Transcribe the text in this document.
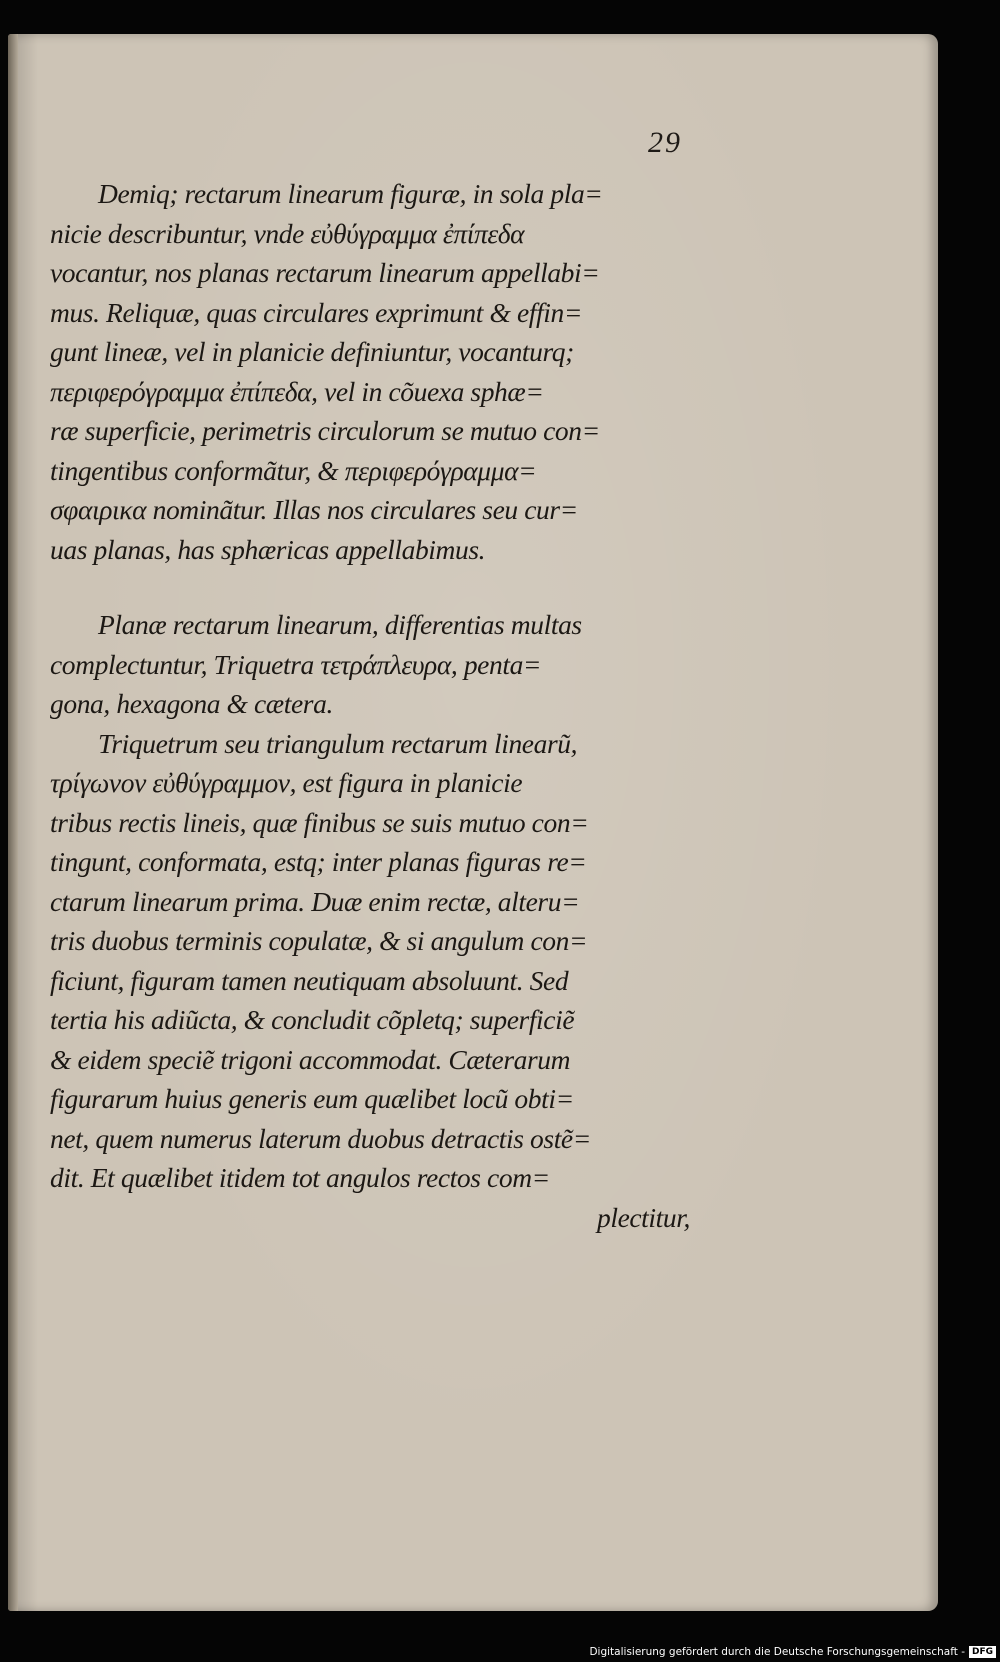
29
Demiq; rectarum linearum figuræ, in sola pla=
nicie describuntur, vnde εὐθύγραμμα ἐπίπεδα
vocantur, nos planas rectarum linearum appellabi=
mus. Reliquæ, quas circulares exprimunt & effin=
gunt lineæ, vel in planicie definiuntur, vocanturq;
περιφερόγραμμα ἐπίπεδα, vel in cõuexa sphæ=
ræ superficie, perimetris circulorum se mutuo con=
tingentibus conformãtur, & περιφερόγραμμα=
σφαιρικα nominãtur. Illas nos circulares seu cur=
uas planas, has sphæricas appellabimus.
Planæ rectarum linearum, differentias multas
complectuntur, Triquetra τετράπλευρα, penta=
gona, hexagona & cætera.
Triquetrum seu triangulum rectarum linearũ,
τρίγωνον εὐθύγραμμον, est figura in planicie
tribus rectis lineis, quæ finibus se suis mutuo con=
tingunt, conformata, estq; inter planas figuras re=
ctarum linearum prima. Duæ enim rectæ, alteru=
tris duobus terminis copulatæ, & si angulum con=
ficiunt, figuram tamen neutiquam absoluunt. Sed
tertia his adiũcta, & concludit cõpletq; superficiẽ
& eidem speciẽ trigoni accommodat. Cæterarum
figurarum huius generis eum quælibet locũ obti=
net, quem numerus laterum duobus detractis ostẽ=
dit. Et quælibet itidem tot angulos rectos com=
plectitur,
Digitalisierung gefördert durch die Deutsche Forschungsgemeinschaft - DFG
